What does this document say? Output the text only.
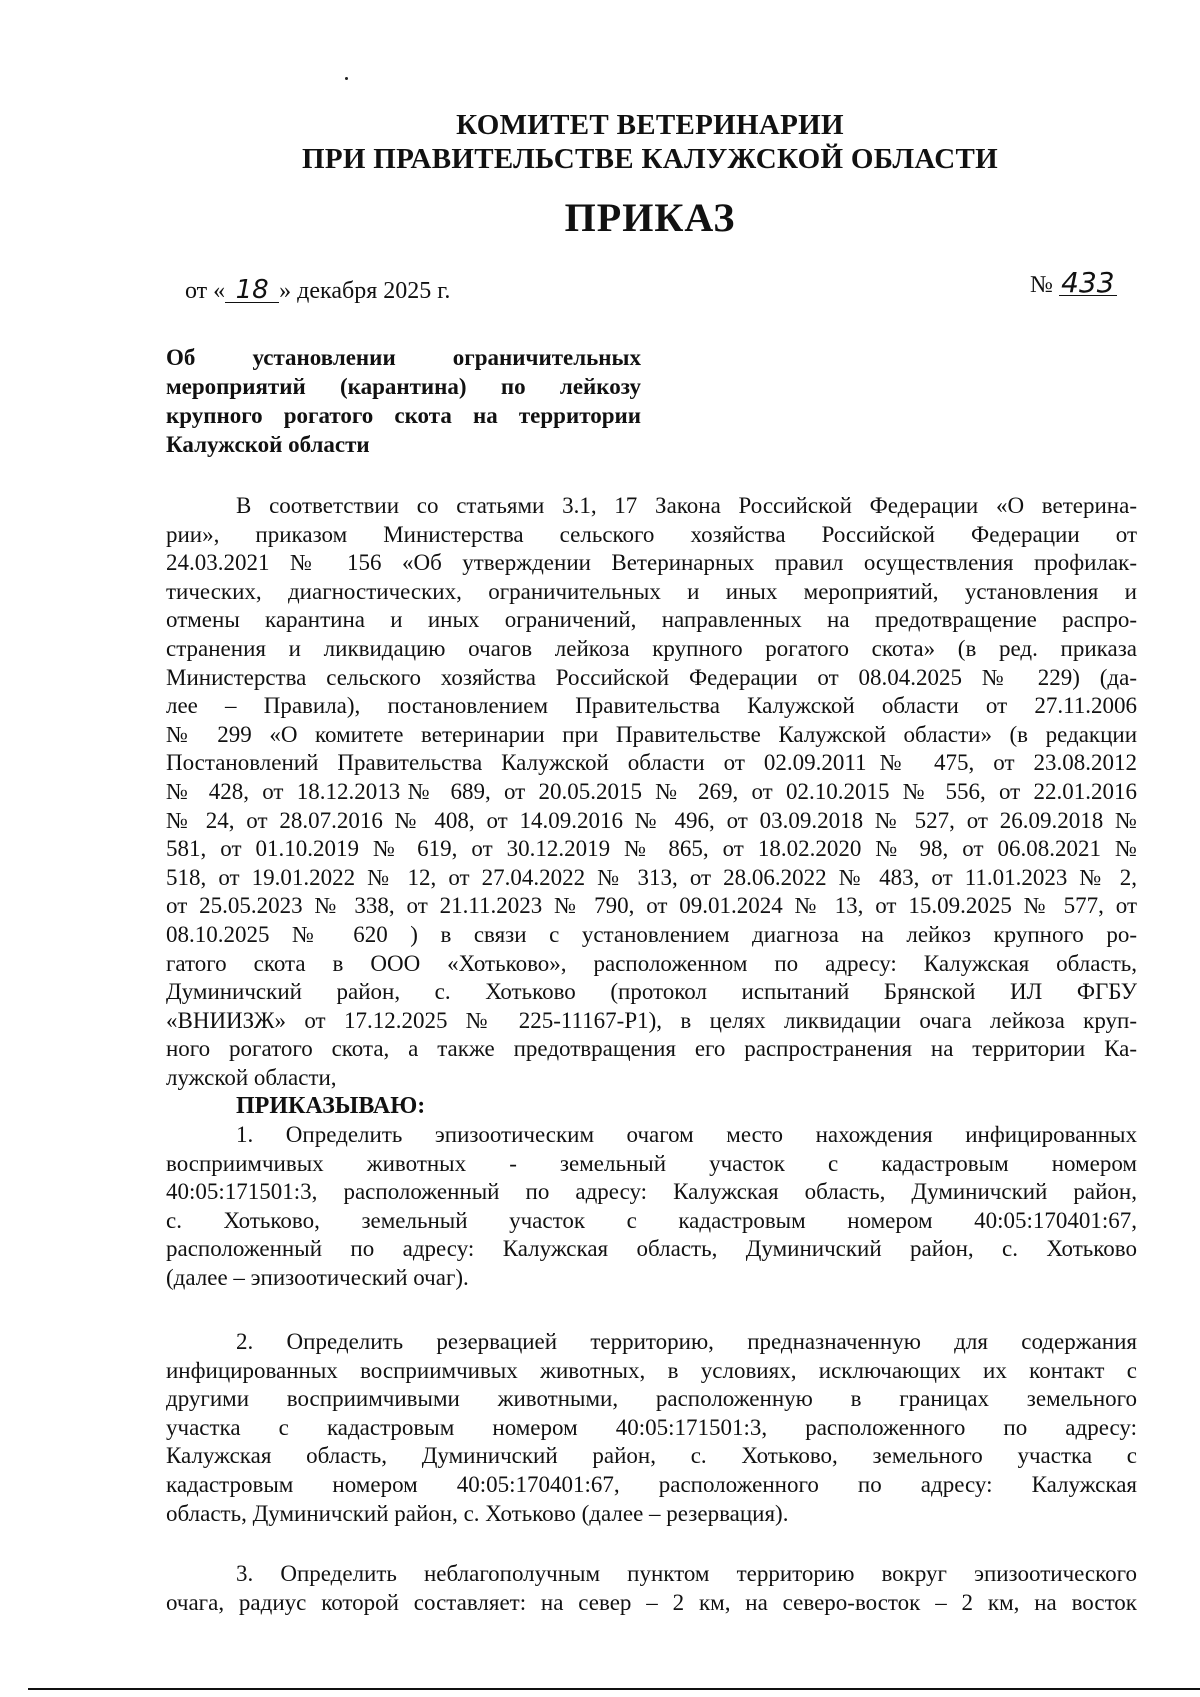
КОМИТЕТ ВЕТЕРИНАРИИ
ПРИ ПРАВИТЕЛЬСТВЕ КАЛУЖСКОЙ ОБЛАСТИ
ПРИКАЗ
от « 18 » декабря 2025 г.	№ 433
Об установлении ограничительных
мероприятий (карантина) по лейкозу
крупного рогатого скота на территории
Калужской области
В соответствии со статьями 3.1, 17 Закона Российской Федерации «О ветерина-
рии», приказом Министерства сельского хозяйства Российской Федерации от
24.03.2021 № 156 «Об утверждении Ветеринарных правил осуществления профилак-
тических, диагностических, ограничительных и иных мероприятий, установления и
отмены карантина и иных ограничений, направленных на предотвращение распро-
странения и ликвидацию очагов лейкоза крупного рогатого скота» (в ред. приказа
Министерства сельского хозяйства Российской Федерации от 08.04.2025 № 229) (да-
лее – Правила), постановлением Правительства Калужской области от 27.11.2006
№ 299 «О комитете ветеринарии при Правительстве Калужской области» (в редакции
Постановлений Правительства Калужской области от 02.09.2011№ 475, от 23.08.2012
№ 428, от 18.12.2013№ 689, от 20.05.2015 № 269, от 02.10.2015 № 556, от 22.01.2016
№ 24, от 28.07.2016 № 408, от 14.09.2016 № 496, от 03.09.2018 № 527, от 26.09.2018 №
581, от 01.10.2019 № 619, от 30.12.2019 № 865, от 18.02.2020 № 98, от 06.08.2021 №
518, от 19.01.2022 № 12, от 27.04.2022 № 313, от 28.06.2022 № 483, от 11.01.2023 № 2,
от 25.05.2023 № 338, от 21.11.2023 № 790, от 09.01.2024 № 13, от 15.09.2025 № 577, от
08.10.2025 № 620 ) в связи с установлением диагноза на лейкоз крупного ро-
гатого скота в ООО «Хотьково», расположенном по адресу: Калужская область,
Думиничский район, с. Хотьково (протокол испытаний Брянской ИЛ ФГБУ
«ВНИИЗЖ» от 17.12.2025 № 225-11167-Р1), в целях ликвидации очага лейкоза круп-
ного рогатого скота, а также предотвращения его распространения на территории Ка-
лужской области,
ПРИКАЗЫВАЮ:
1. Определить эпизоотическим очагом место нахождения инфицированных
восприимчивых животных - земельный участок с кадастровым номером
40:05:171501:3, расположенный по адресу: Калужская область, Думиничский район,
с. Хотьково, земельный участок с кадастровым номером 40:05:170401:67,
расположенный по адресу: Калужская область, Думиничский район, с. Хотьково
(далее – эпизоотический очаг).
2. Определить резервацией территорию, предназначенную для содержания
инфицированных восприимчивых животных, в условиях, исключающих их контакт с
другими восприимчивыми животными, расположенную в границах земельного
участка с кадастровым номером 40:05:171501:3, расположенного по адресу:
Калужская область, Думиничский район, с. Хотьково, земельного участка с
кадастровым номером 40:05:170401:67, расположенного по адресу: Калужская
область, Думиничский район, с. Хотьково (далее – резервация).
3. Определить неблагополучным пунктом территорию вокруг эпизоотического
очага, радиус которой составляет: на север – 2 км, на северо-восток – 2 км, на восток
